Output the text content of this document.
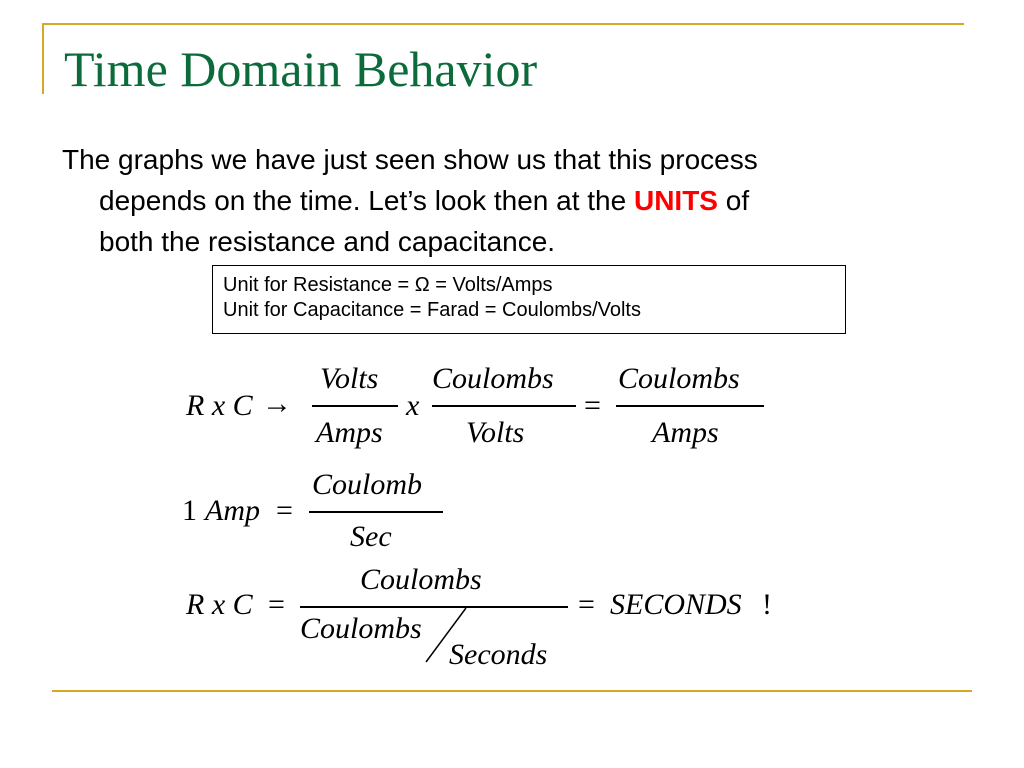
Time Domain Behavior
The graphs we have just seen show us that this process
depends on the time. Let’s look then at the UNITS of
both the resistance and capacitance.
Unit for Resistance = Ω = Volts/Amps
Unit for Capacitance = Farad = Coulombs/Volts
R x C →
Volts
Amps
x
Coulombs
Volts
=
Coulombs
Amps
1 Amp =
Coulomb
Sec
R x C =
Coulombs
Coulombs
Seconds
= SECONDS !
